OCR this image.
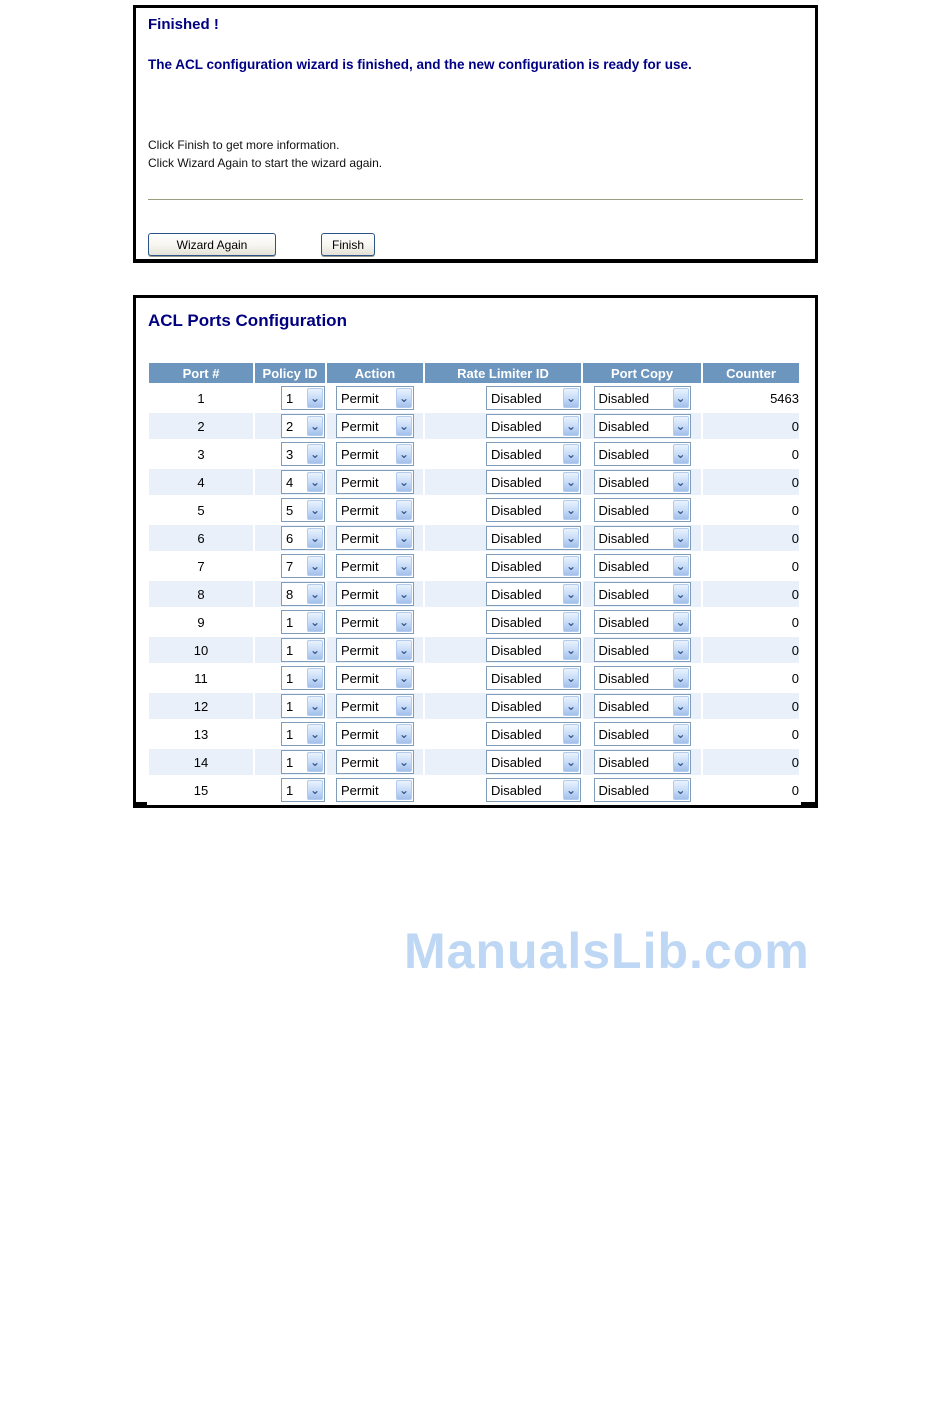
Finished !
The ACL configuration wizard is finished, and the new configuration is ready for use.
Click Finish to get more information.
Click Wizard Again to start the wizard again.
Wizard Again	Finish
ACL Ports Configuration
Port #	Policy ID	Action	Rate Limiter ID	Port Copy	Counter
1	1 ⌄	Permit ⌄	Disabled ⌄	Disabled ⌄	5463
2	2 ⌄	Permit ⌄	Disabled ⌄	Disabled ⌄	0
3	3 ⌄	Permit ⌄	Disabled ⌄	Disabled ⌄	0
4	4 ⌄	Permit ⌄	Disabled ⌄	Disabled ⌄	0
5	5 ⌄	Permit ⌄	Disabled ⌄	Disabled ⌄	0
6	6 ⌄	Permit ⌄	Disabled ⌄	Disabled ⌄	0
7	7 ⌄	Permit ⌄	Disabled ⌄	Disabled ⌄	0
8	8 ⌄	Permit ⌄	Disabled ⌄	Disabled ⌄	0
9	1 ⌄	Permit ⌄	Disabled ⌄	Disabled ⌄	0
10	1 ⌄	Permit ⌄	Disabled ⌄	Disabled ⌄	0
11	1 ⌄	Permit ⌄	Disabled ⌄	Disabled ⌄	0
12	1 ⌄	Permit ⌄	Disabled ⌄	Disabled ⌄	0
13	1 ⌄	Permit ⌄	Disabled ⌄	Disabled ⌄	0
14	1 ⌄	Permit ⌄	Disabled ⌄	Disabled ⌄	0
15	1 ⌄	Permit ⌄	Disabled ⌄	Disabled ⌄	0
ManualsLib.com
